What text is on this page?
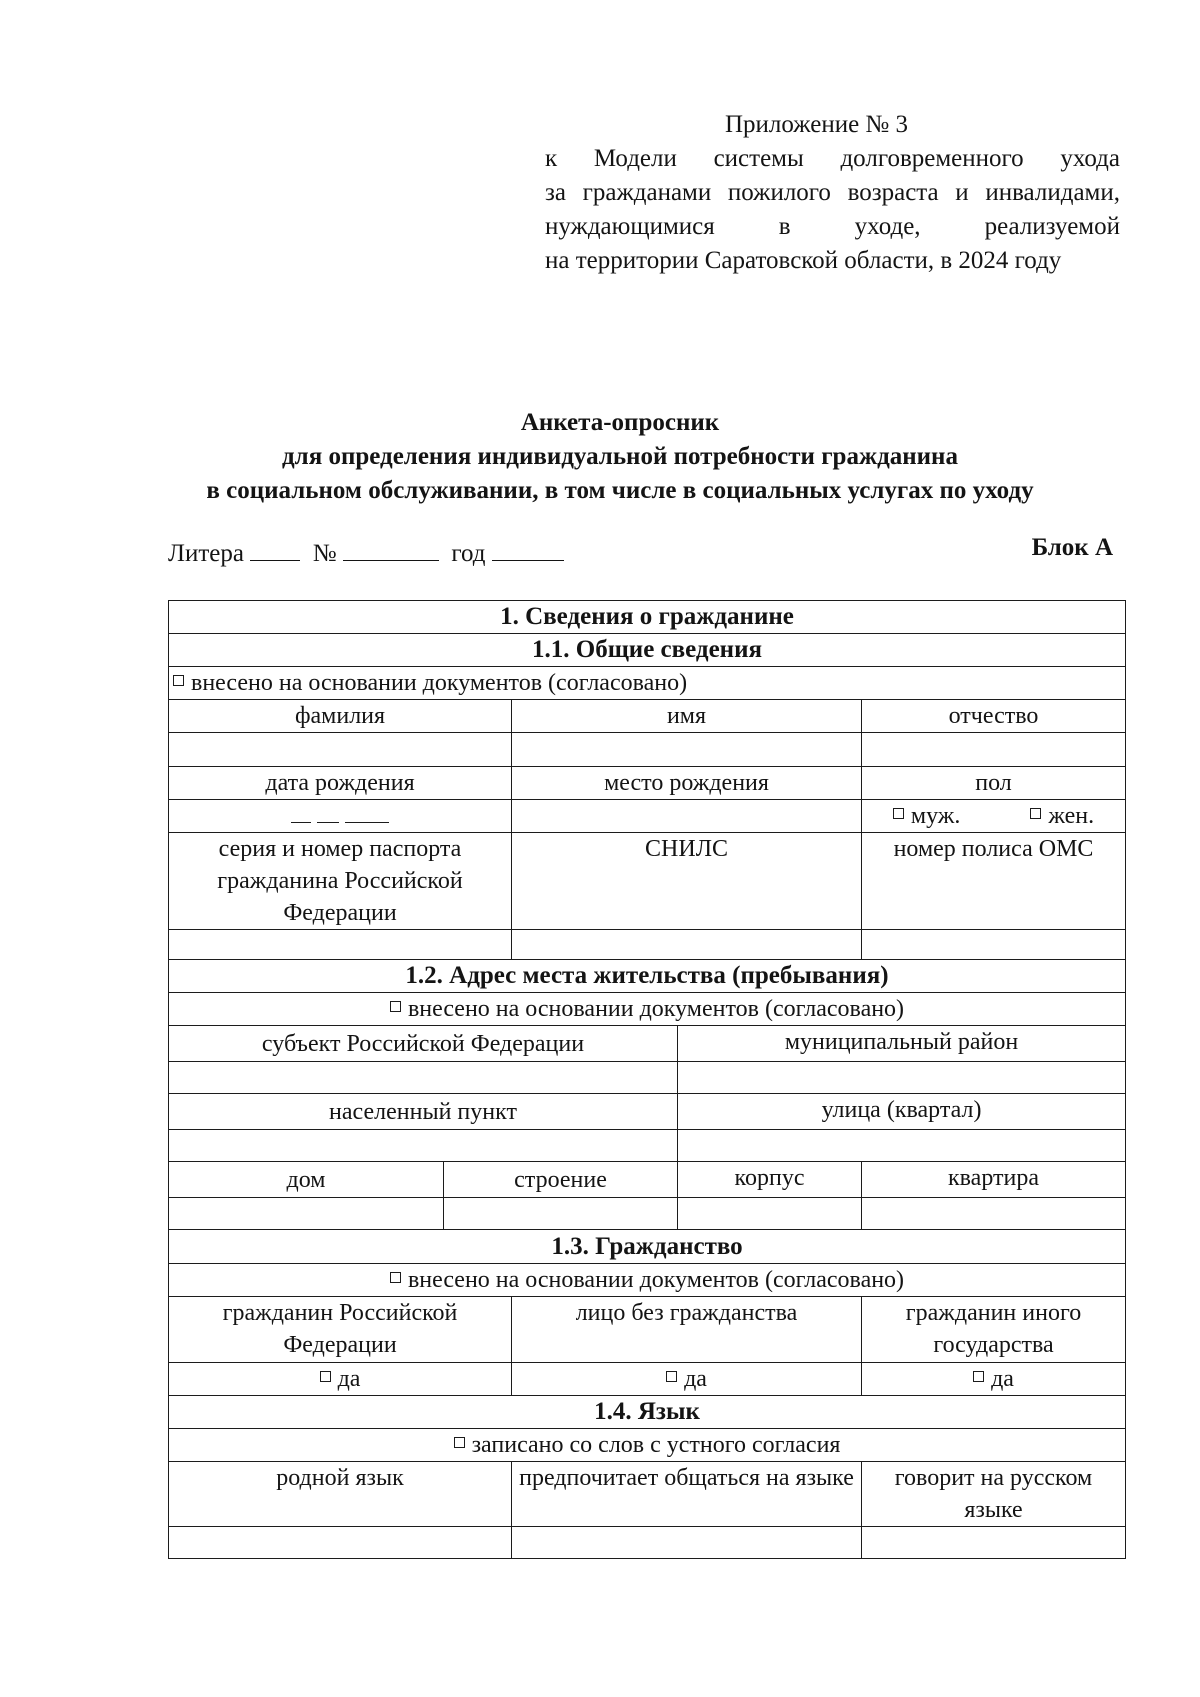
Приложение № 3
к Модели системы долговременного ухода
за гражданами пожилого возраста и инвалидами,
нуждающимися в уходе, реализуемой
на территории Саратовской области, в 2024 году
Анкета-опросник
для определения индивидуальной потребности гражданина
в социальном обслуживании, в том числе в социальных услугах по уходу
Литера	№	год	Блок А
1. Сведения о гражданине				
1.1. Общие сведения				
внесено на основании документов (согласовано)				
фамилия		имя		отчество

дата рождения		место рождения		пол
				муж. жен.
серия и номер паспорта гражданина Российской Федерации		СНИЛС		номер полиса ОМС

1.2. Адрес места жительства (пребывания)				
внесено на основании документов (согласовано)				
субъект Российской Федерации			муниципальный район	

населенный пункт			улица (квартал)	

дом	строение		корпус	квартира

1.3. Гражданство				
внесено на основании документов (согласовано)				
гражданин Российской Федерации		лицо без гражданства		гражданин иного государства
да		да		да
1.4. Язык				
записано со слов с устного согласия				
родной язык		предпочитает общаться на языке		говорит на русском языке
